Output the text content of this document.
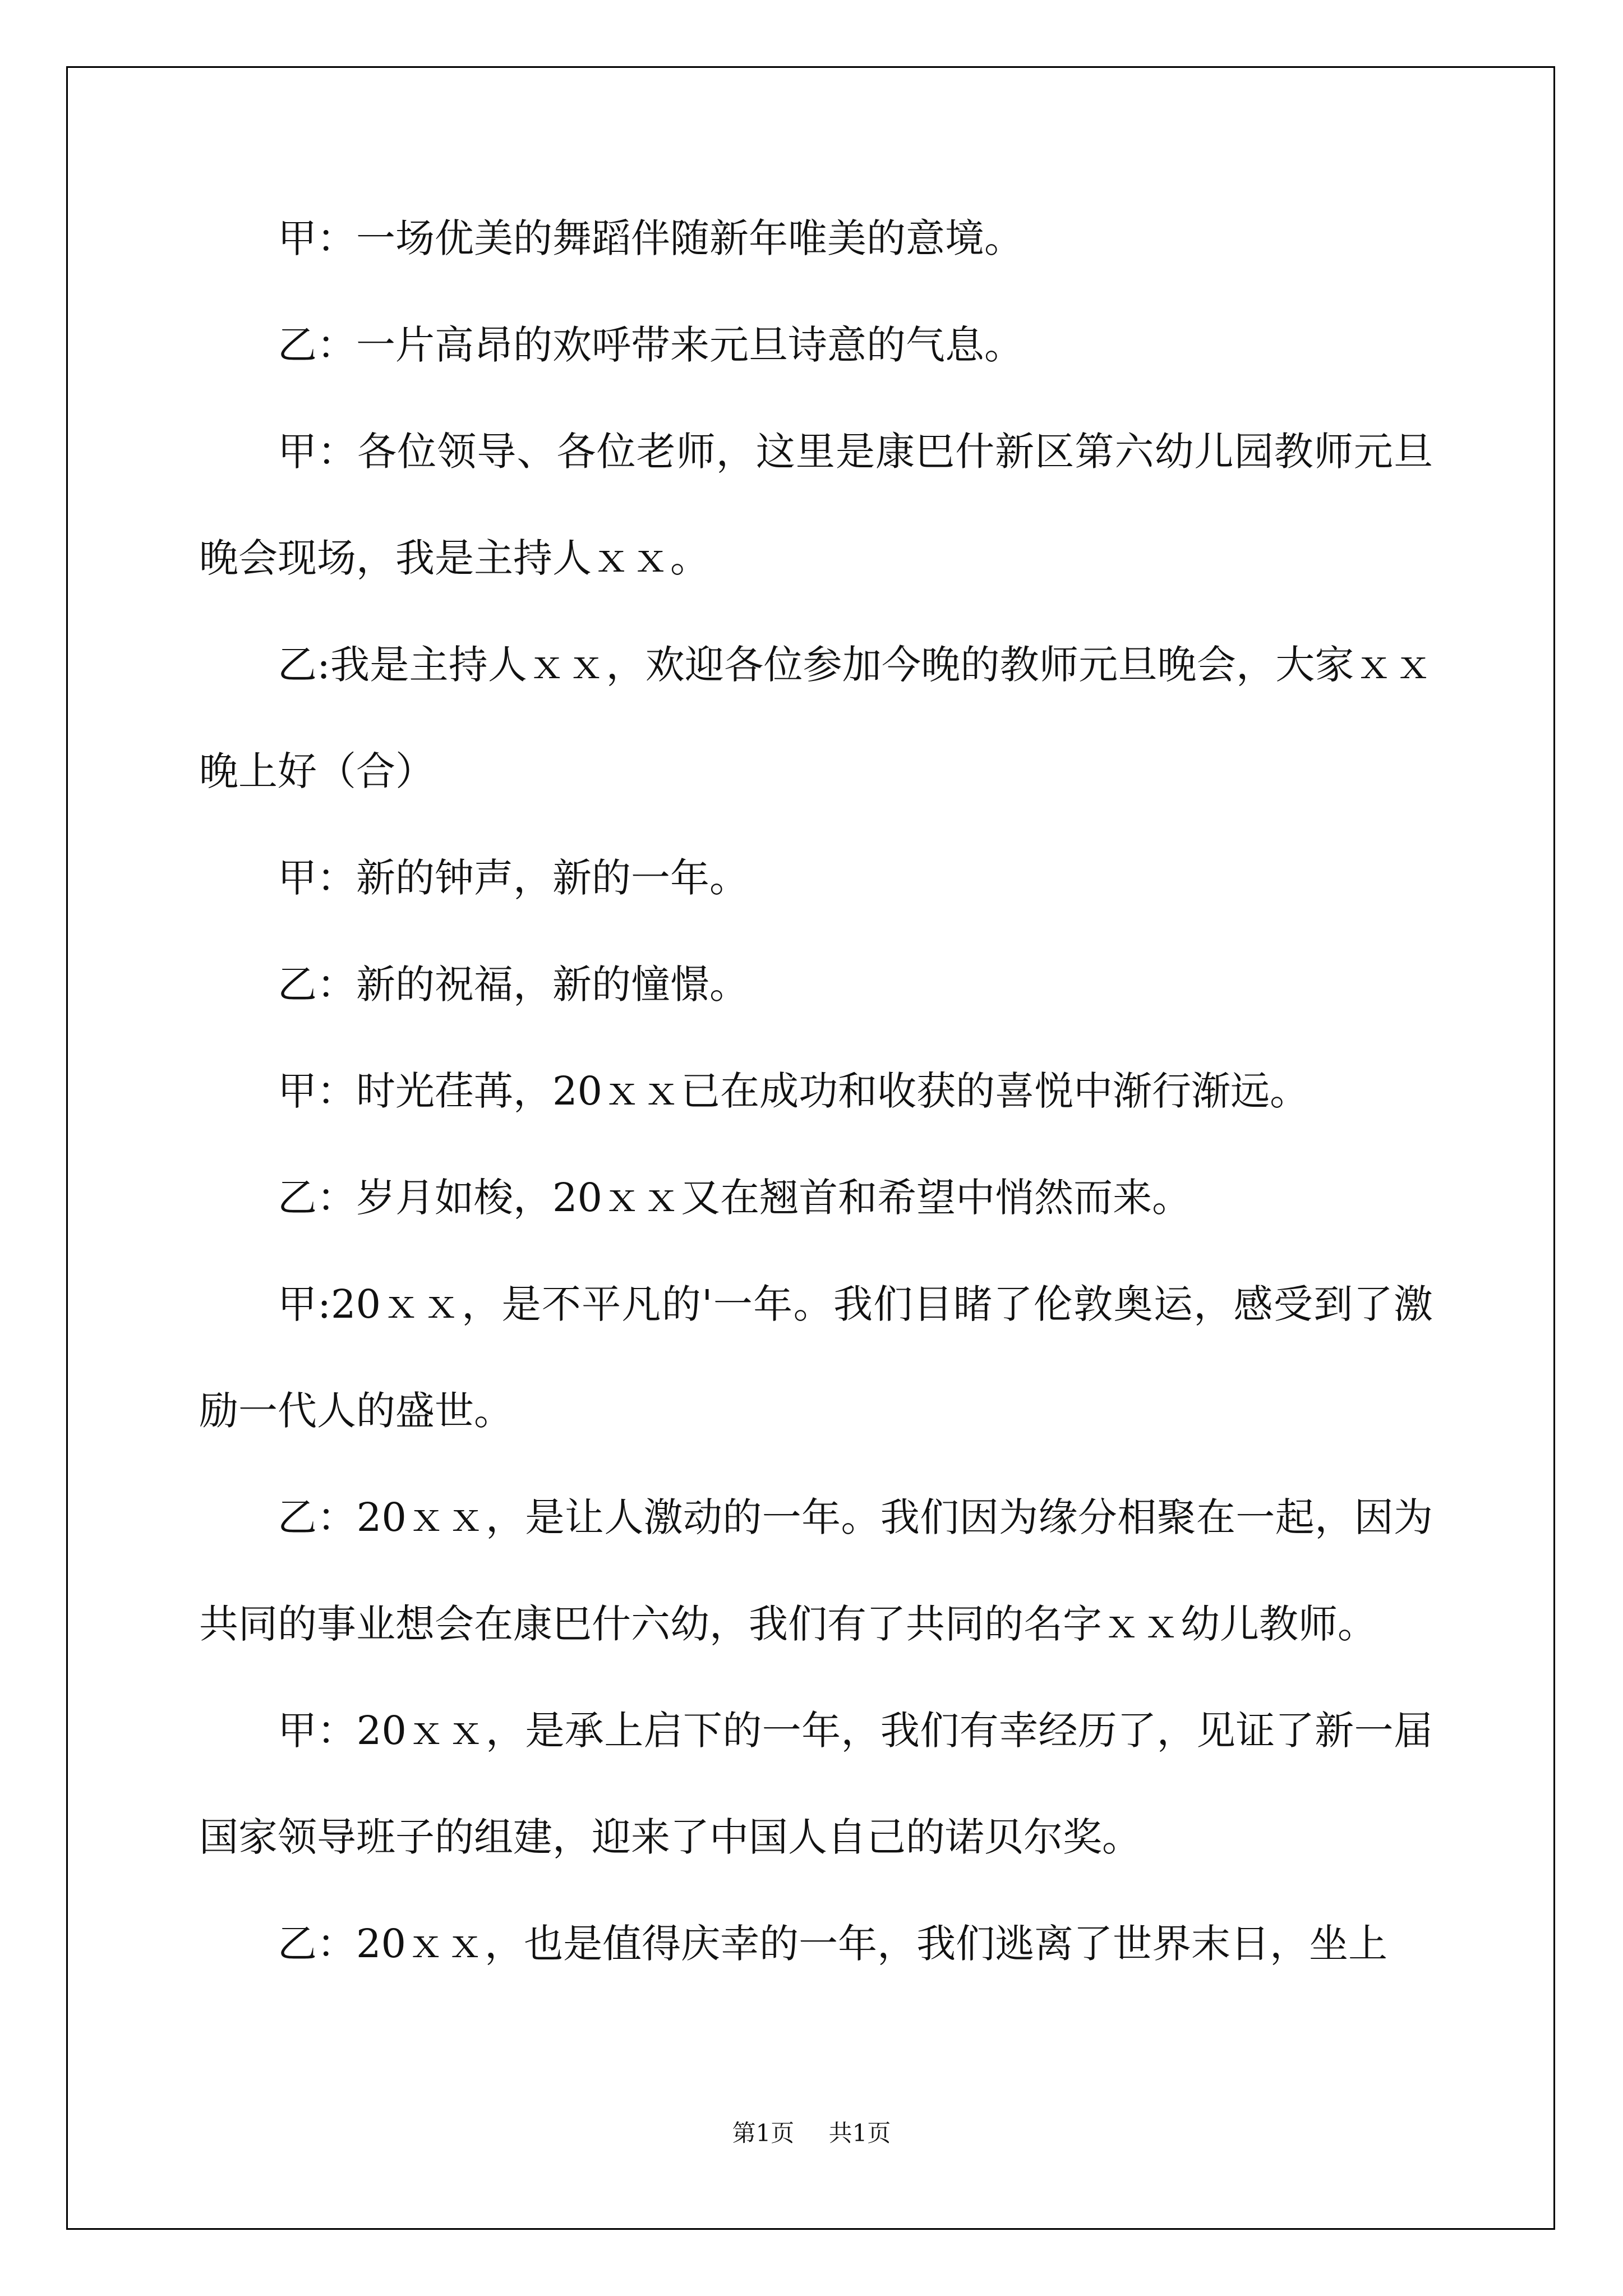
甲：一场优美的舞蹈伴随新年唯美的意境。

乙：一片高昂的欢呼带来元旦诗意的气息。

甲：各位领导、各位老师，这里是康巴什新区第六幼儿园教师元旦晚会现场，我是主持人ｘｘ。

乙:我是主持人ｘｘ，欢迎各位参加今晚的教师元旦晚会，大家ｘｘ晚上好（合）

甲：新的钟声，新的一年。

乙：新的祝福，新的憧憬。

甲：时光荏苒，20ｘｘ已在成功和收获的喜悦中渐行渐远。

乙：岁月如梭，20ｘｘ又在翘首和希望中悄然而来。

甲:20ｘｘ，是不平凡的'一年。我们目睹了伦敦奥运，感受到了激励一代人的盛世。

乙：20ｘｘ，是让人激动的一年。我们因为缘分相聚在一起，因为共同的事业想会在康巴什六幼，我们有了共同的名字ｘｘ幼儿教师。

甲：20ｘｘ，是承上启下的一年，我们有幸经历了，见证了新一届国家领导班子的组建，迎来了中国人自己的诺贝尔奖。

乙：20ｘｘ，也是值得庆幸的一年，我们逃离了世界末日，坐上

第1页 共1页
